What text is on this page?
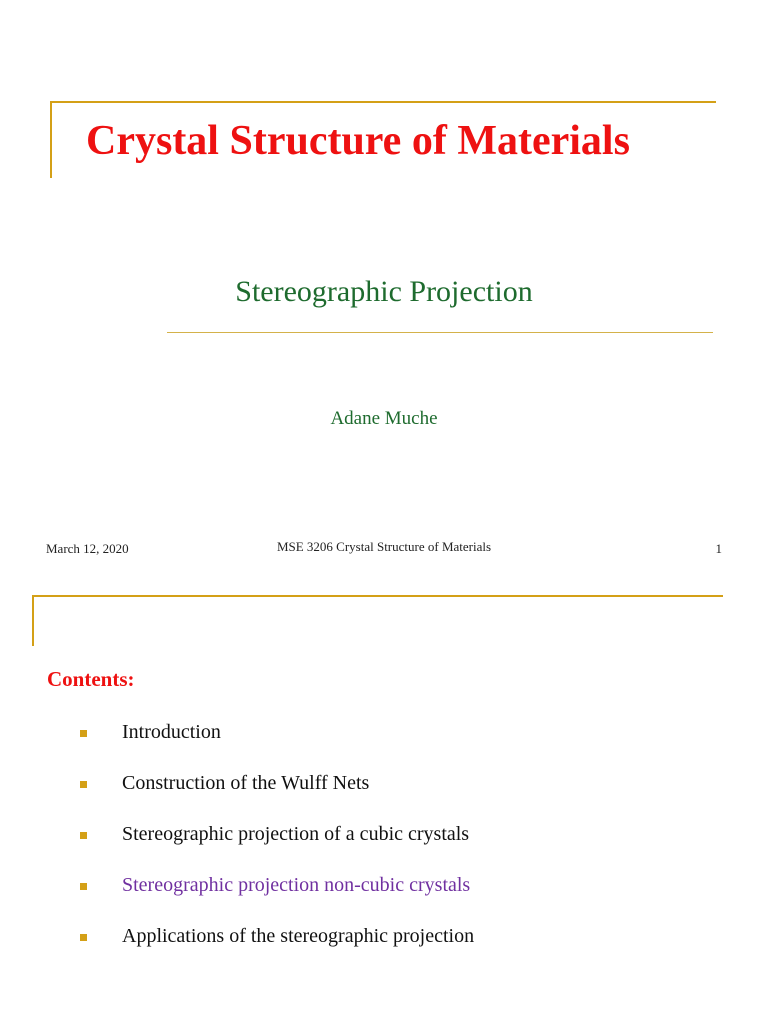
Crystal Structure of Materials
Stereographic Projection
Adane Muche
March 12, 2020	MSE 3206 Crystal Structure of Materials	1
Contents:
Introduction
Construction of the Wulff Nets
Stereographic projection of a cubic crystals
Stereographic projection non-cubic crystals
Applications of the stereographic projection
